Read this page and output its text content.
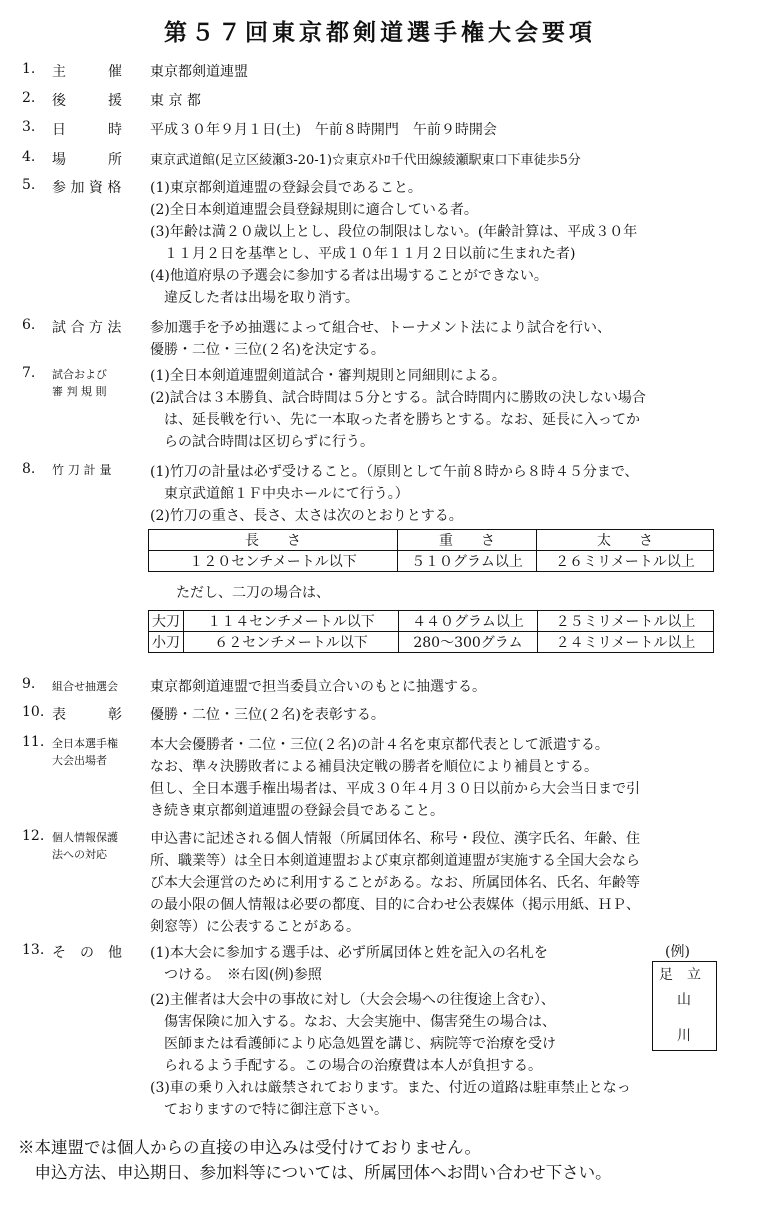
第５７回東京都剣道選手権大会要項
1. 主　　　催 東京都剣道連盟
2. 後　　　援 東 京 都
3. 日　　　時 平成３０年９月１日(土)　午前８時開門　午前９時開会
4. 場　　　所 東京武道館(足立区綾瀬3-20-1)☆東京ﾒﾄﾛ千代田線綾瀬駅東口下車徒歩5分
5. 参 加 資 格 (1)東京都剣道連盟の登録会員であること。
(2)全日本剣道連盟会員登録規則に適合している者。
(3)年齢は満２０歳以上とし、段位の制限はしない。(年齢計算は、平成３０年
　１１月２日を基準とし、平成１０年１１月２日以前に生まれた者)
(4)他道府県の予選会に参加する者は出場することができない。
　違反した者は出場を取り消す。
6. 試 合 方 法 参加選手を予め抽選によって組合せ、トーナメント法により試合を行い、
優勝・二位・三位(２名)を決定する。
7. 試合および審 判 規 則
(1)全日本剣道連盟剣道試合・審判規則と同細則による。
(2)試合は３本勝負、試合時間は５分とする。試合時間内に勝敗の決しない場合
　は、延長戦を行い、先に一本取った者を勝ちとする。なお、延長に入ってか
　らの試合時間は区切らずに行う。
8. 竹 刀 計 量	(1)竹刀の計量は必ず受けること。（原則として午前８時から８時４５分まで、
　東京武道館１Ｆ中央ホールにて行う。）
(2)竹刀の重さ、長さ、太さは次のとおりとする。
長　　さ	重　　さ	太　　さ
１２０センチメートル以下	５１０グラム以上	２６ミリメートル以上
ただし、二刀の場合は、
大刀	１１４センチメートル以下	４４０グラム以上	２５ミリメートル以上
小刀	６２センチメートル以下	280〜300グラム	２４ミリメートル以上
9. 組合せ抽選会 東京都剣道連盟で担当委員立合いのもとに抽選する。
10. 表　　　彰 優勝・二位・三位(２名)を表彰する。
11. 全日本選手権大会出場者
本大会優勝者・二位・三位(２名)の計４名を東京都代表として派遣する。
なお、準々決勝敗者による補員決定戦の勝者を順位により補員とする。
但し、全日本選手権出場者は、平成３０年４月３０日以前から大会当日まで引
き続き東京都剣道連盟の登録会員であること。
12. 個人情報保護法への対応
申込書に記述される個人情報（所属団体名、称号・段位、漢字氏名、年齢、住
所、職業等）は全日本剣道連盟および東京都剣道連盟が実施する全国大会なら
び本大会運営のために利用することがある。なお、所属団体名、氏名、年齢等
の最小限の個人情報は必要の都度、目的に合わせ公表媒体（掲示用紙、ＨＰ、
剣窓等）に公表することがある。
13. そ　の　他 (1)本大会に参加する選手は、必ず所属団体と姓を記入の名札を
　つける。　※右図(例)参照
(2)主催者は大会中の事故に対し（大会会場への往復途上含む）、
　傷害保険に加入する。なお、大会実施中、傷害発生の場合は、
　医師または看護師により応急処置を講じ、病院等で治療を受け
　られるよう手配する。この場合の治療費は本人が負担する。
(3)車の乗り入れは厳禁されております。また、付近の道路は駐車禁止となっ
　ておりますので特に御注意下さい。
(例)
足　立
山
川
※本連盟では個人からの直接の申込みは受付けておりません。
　申込方法、申込期日、参加料等については、所属団体へお問い合わせ下さい。
